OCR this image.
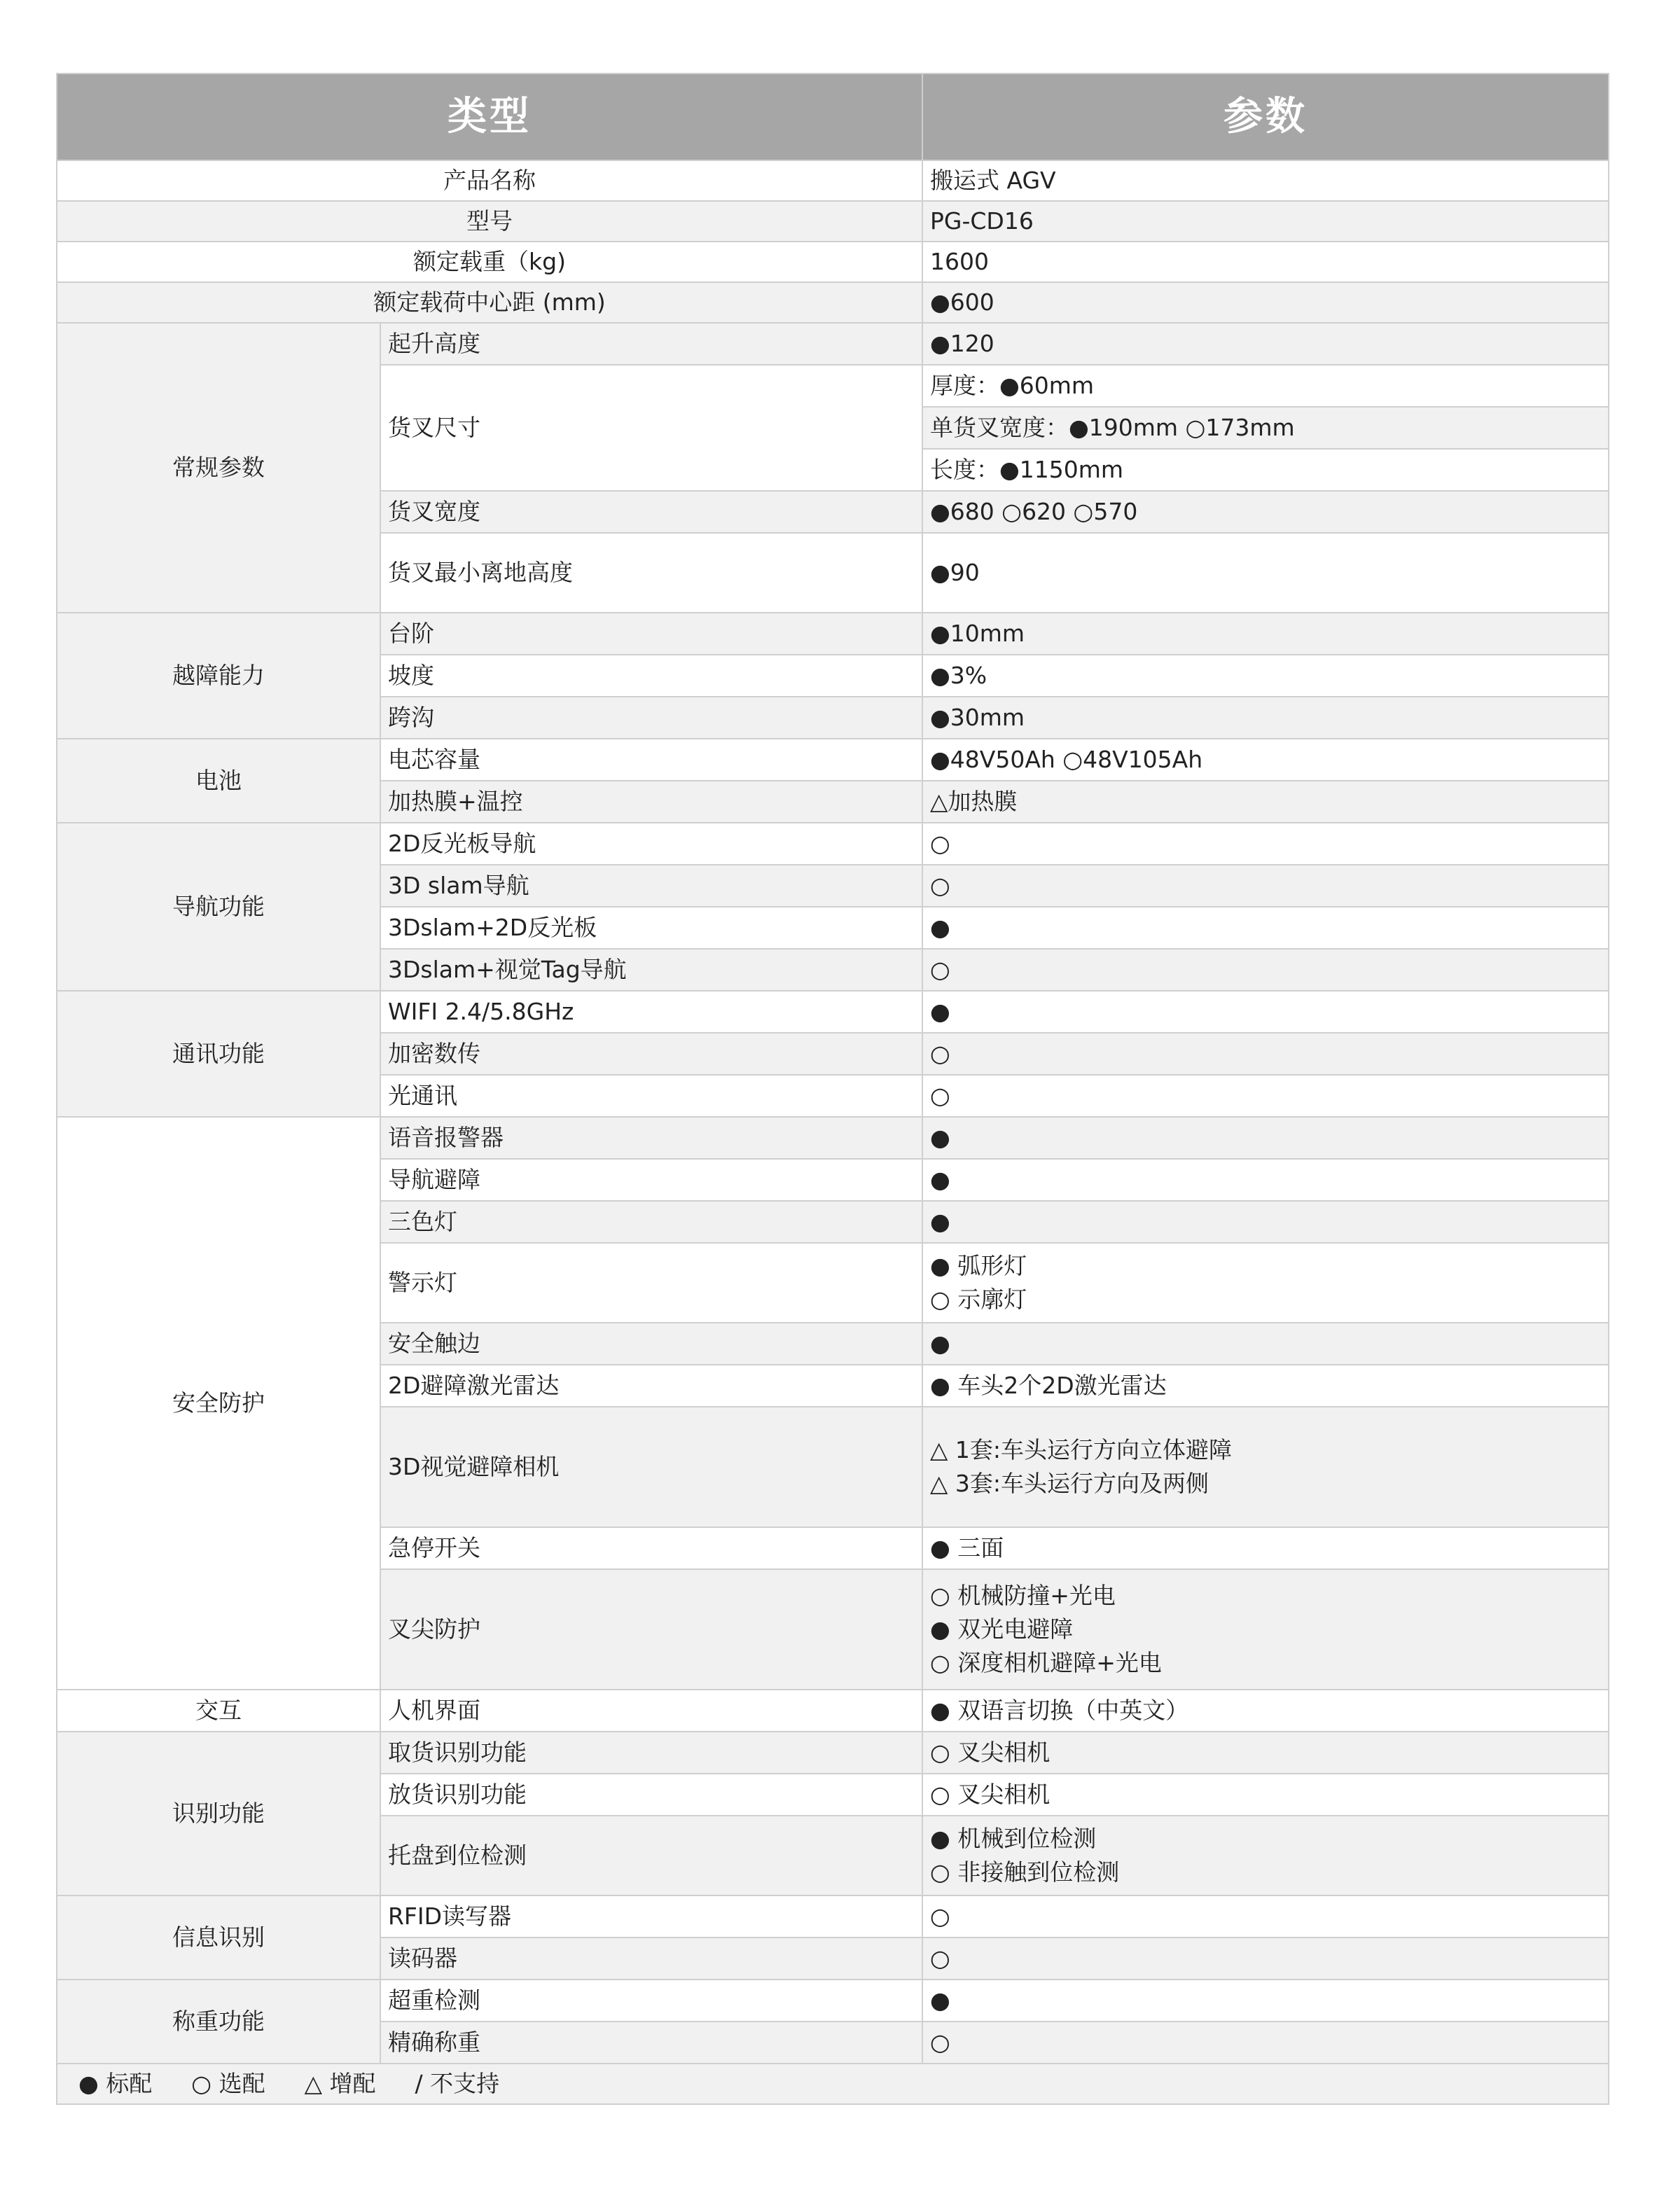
类型		参数
产品名称		搬运式 AGV
型号		PG-CD16
额定载重（kg)		1600
额定载荷中心距 (mm)		●600
常规参数	起升高度	●120
	货叉尺寸	厚度：●60mm
		单货叉宽度：●190mm ○173mm
		长度：●1150mm
	货叉宽度	●680 ○620 ○570
	货叉最小离地高度	●90
越障能力	台阶	●10mm
	坡度	●3%
	跨沟	●30mm
电池	电芯容量	●48V50Ah ○48V105Ah
	加热膜+温控	△加热膜
导航功能	2D反光板导航	○
	3D slam导航	○
	3Dslam+2D反光板	●
	3Dslam+视觉Tag导航	○
通讯功能	WIFI 2.4/5.8GHz	●
	加密数传	○
	光通讯	○
安全防护	语音报警器	●
	导航避障	●
	三色灯	●
	警示灯	● 弧形灯
○ 示廓灯
	安全触边	●
	2D避障激光雷达	● 车头2个2D激光雷达
	3D视觉避障相机	△ 1套:车头运行方向立体避障
△ 3套:车头运行方向及两侧
	急停开关	● 三面
	叉尖防护	○ 机械防撞+光电
● 双光电避障
○ 深度相机避障+光电
交互	人机界面	● 双语言切换（中英文）
识别功能	取货识别功能	○ 叉尖相机
	放货识别功能	○ 叉尖相机
	托盘到位检测	● 机械到位检测
○ 非接触到位检测
信息识别	RFID读写器	○
	读码器	○
称重功能	超重检测	●
	精确称重	○
● 标配 ○ 选配 △ 增配 / 不支持		
